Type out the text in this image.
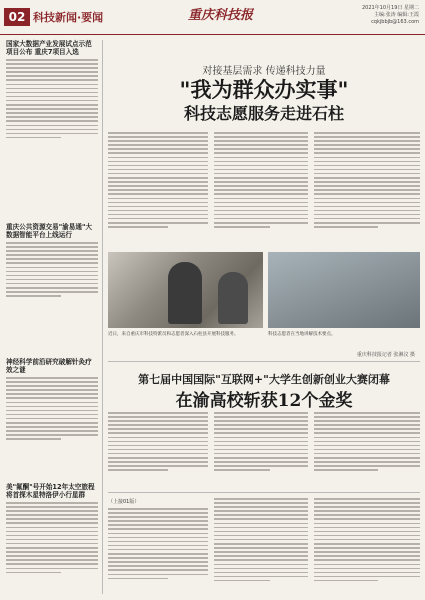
02 科技新闻·要闻	重庆科技报	2021年10月19日 星期二
主编:张涛 编辑:王霞
cqkjbbjb@163.com
国家大数据产业发展试点示范项目公布 重庆7项目入选
重庆公共资源交易"渝易通"大数据智能平台上线运行
神经科学前沿研究破解针灸疗效之谜
美"氟酮"号开始12年太空旅程 将首探木星特洛伊小行星群
对接基层需求 传递科技力量
"我为群众办实事"
科技志愿服务走进石柱
近日，来自重庆市科技特派员和志愿者深入石柱县开展科技服务。	科技志愿者在当地讲解技术要点。
重庆科技报记者 张淋汶 摄
第七届中国国际"互联网+"大学生创新创业大赛闭幕
在渝高校斩获12个金奖
（上接01版）
